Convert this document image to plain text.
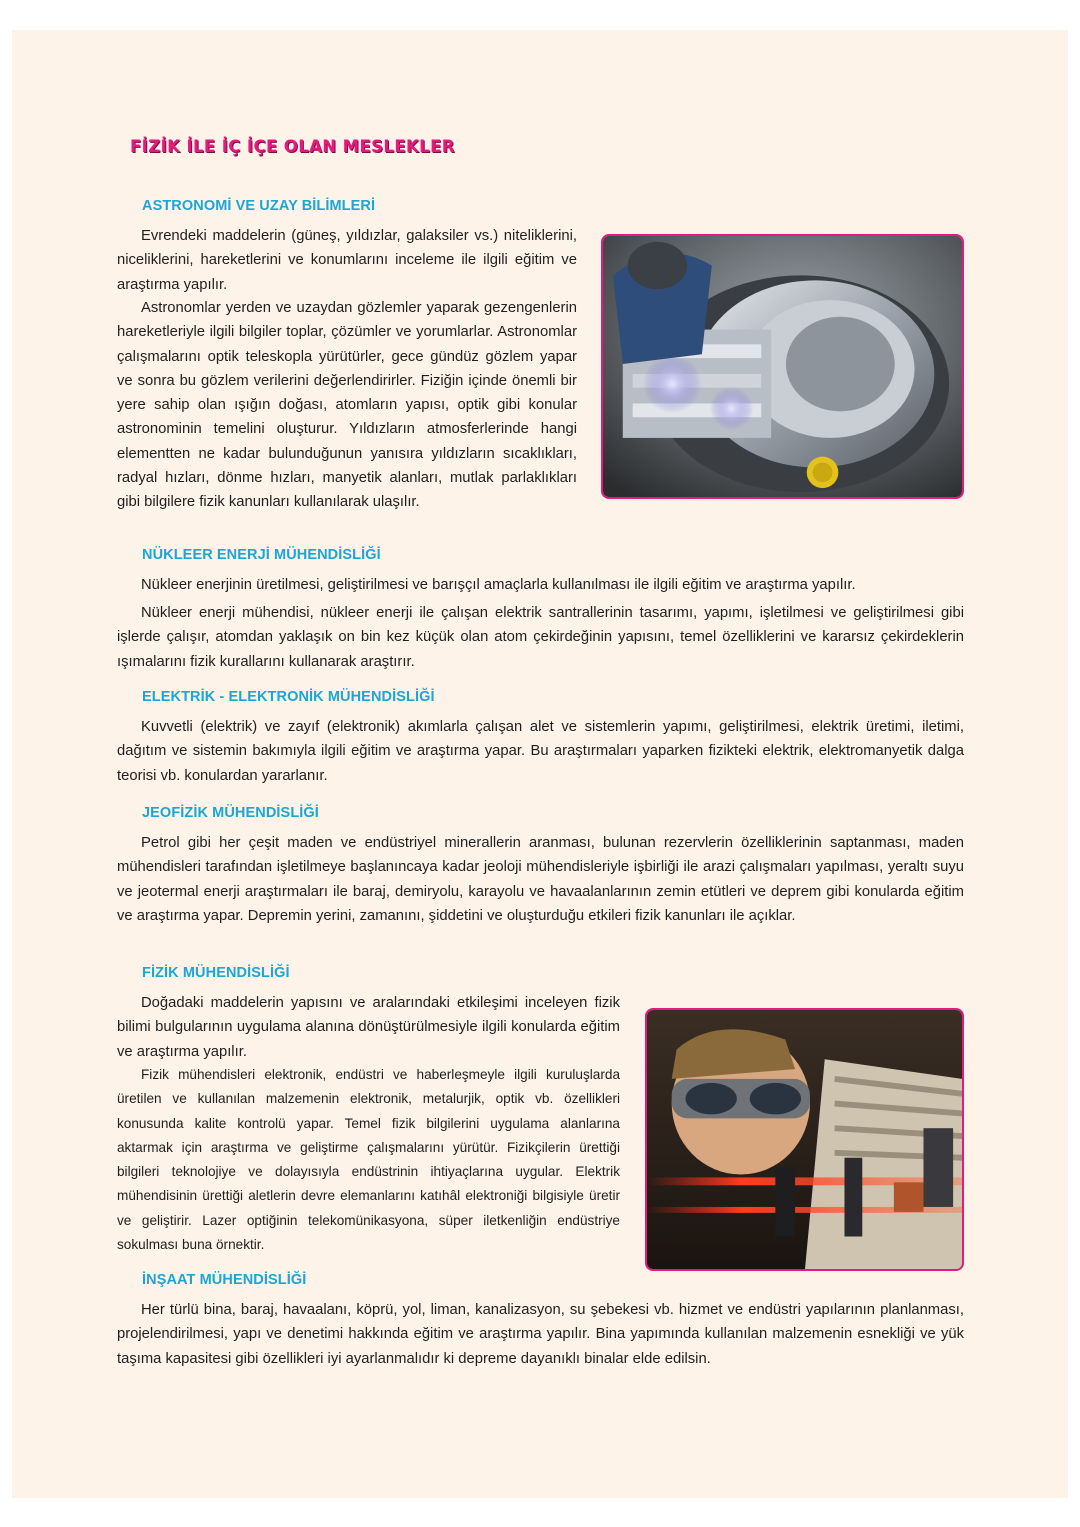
FİZİK İLE İÇ İÇE OLAN MESLEKLER
ASTRONOMİ VE UZAY BİLİMLERİ

Evrendeki maddelerin (güneş, yıldızlar, galaksiler vs.) niteliklerini, niceliklerini, hareketlerini ve konumlarını inceleme ile ilgili eğitim ve araştırma yapılır.

Astronomlar yerden ve uzaydan gözlemler yaparak gezengenlerin hareketleriyle ilgili bilgiler toplar, çözümler ve yorumlarlar. Astronomlar çalışmalarını optik teleskopla yürütürler, gece gündüz gözlem yapar ve sonra bu gözlem verilerini değerlendirirler. Fiziğin içinde önemli bir yere sahip olan ışığın doğası, atomların yapısı, optik gibi konular astronominin temelini oluşturur. Yıldızların atmosferlerinde hangi elementten ne kadar bulunduğunun yanısıra yıldızların sıcaklıkları, radyal hızları, dönme hızları, manyetik alanları, mutlak parlaklıkları gibi bilgilere fizik kanunları kullanılarak ulaşılır.

NÜKLEER ENERJİ MÜHENDİSLİĞİ

Nükleer enerjinin üretilmesi, geliştirilmesi ve barışçıl amaçlarla kullanılması ile ilgili eğitim ve araştırma yapılır.

Nükleer enerji mühendisi, nükleer enerji ile çalışan elektrik santrallerinin tasarımı, yapımı, işletilmesi ve geliştirilmesi gibi işlerde çalışır, atomdan yaklaşık on bin kez küçük olan atom çekirdeğinin yapısını, temel özelliklerini ve kararsız çekirdeklerin ışımalarını fizik kurallarını kullanarak araştırır.

ELEKTRİK - ELEKTRONİK MÜHENDİSLİĞİ

Kuvvetli (elektrik) ve zayıf (elektronik) akımlarla çalışan alet ve sistemlerin yapımı, geliştirilmesi, elektrik üretimi, iletimi, dağıtım ve sistemin bakımıyla ilgili eğitim ve araştırma yapar. Bu araştırmaları yaparken fizikteki elektrik, elektromanyetik dalga teorisi vb. konulardan yararlanır.

JEOFİZİK MÜHENDİSLİĞİ

Petrol gibi her çeşit maden ve endüstriyel minerallerin aranması, bulunan rezervlerin özelliklerinin saptanması, maden mühendisleri tarafından işletilmeye başlanıncaya kadar jeoloji mühendisleriyle işbirliği ile arazi çalışmaları yapılması, yeraltı suyu ve jeotermal enerji araştırmaları ile baraj, demiryolu, karayolu ve havaalanlarının zemin etütleri ve deprem gibi konularda eğitim ve araştırma yapar. Depremin yerini, zamanını, şiddetini ve oluşturduğu etkileri fizik kanunları ile açıklar.

FİZİK MÜHENDİSLİĞİ

Doğadaki maddelerin yapısını ve aralarındaki etkileşimi inceleyen fizik bilimi bulgularının uygulama alanına dönüştürülmesiyle ilgili konularda eğitim ve araştırma yapılır.

Fizik mühendisleri elektronik, endüstri ve haberleşmeyle ilgili kuruluşlarda üretilen ve kullanılan malzemenin elektronik, metalurjik, optik vb. özellikleri konusunda kalite kontrolü yapar. Temel fizik bilgilerini uygulama alanlarına aktarmak için araştırma ve geliştirme çalışmalarını yürütür. Fizikçilerin ürettiği bilgileri teknolojiye ve dolayısıyla endüstrinin ihtiyaçlarına uygular. Elektrik mühendisinin ürettiği aletlerin devre elemanlarını katıhâl elektroniği bilgisiyle üretir ve geliştirir. Lazer optiğinin telekomünikasyona, süper iletkenliğin endüstriye sokulması buna örnektir.

İNŞAAT MÜHENDİSLİĞİ

Her türlü bina, baraj, havaalanı, köprü, yol, liman, kanalizasyon, su şebekesi vb. hizmet ve endüstri yapılarının planlanması, projelendirilmesi, yapı ve denetimi hakkında eğitim ve araştırma yapılır. Bina yapımında kullanılan malzemenin esnekliği ve yük taşıma kapasitesi gibi özellikleri iyi ayarlanmalıdır ki depreme dayanıklı binalar elde edilsin.
